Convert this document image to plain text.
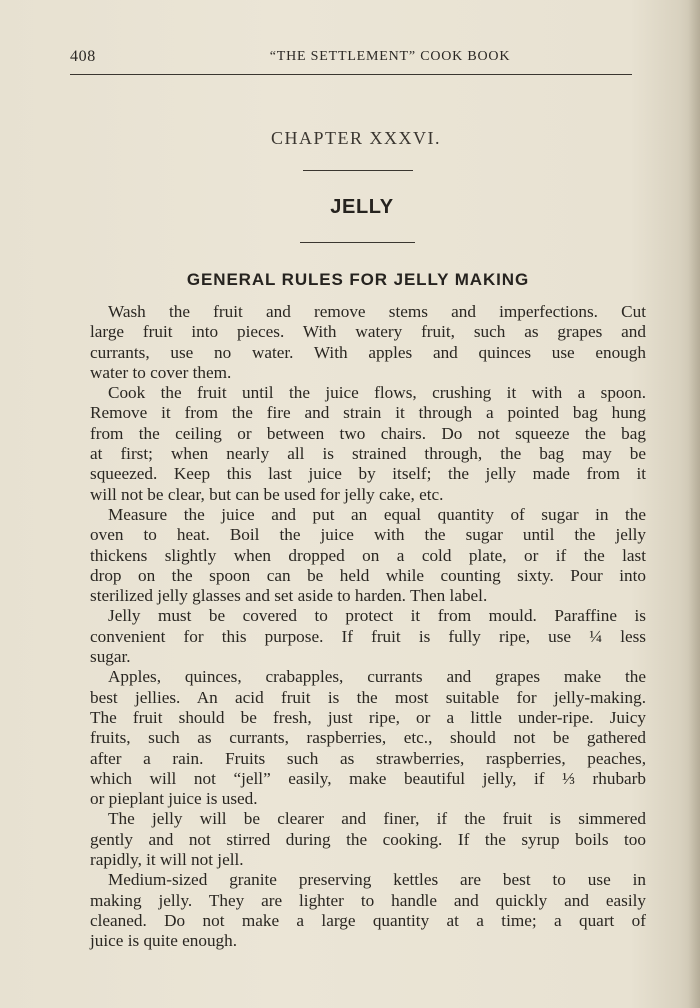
408	“THE SETTLEMENT” COOK BOOK
CHAPTER XXXVI.
JELLY
GENERAL RULES FOR JELLY MAKING
Wash the fruit and remove stems and imperfections. Cut
large fruit into pieces. With watery fruit, such as grapes and
currants, use no water. With apples and quinces use enough
water to cover them.
Cook the fruit until the juice flows, crushing it with a spoon.
Remove it from the fire and strain it through a pointed bag hung
from the ceiling or between two chairs. Do not squeeze the bag
at first; when nearly all is strained through, the bag may be
squeezed. Keep this last juice by itself; the jelly made from it
will not be clear, but can be used for jelly cake, etc.
Measure the juice and put an equal quantity of sugar in the
oven to heat. Boil the juice with the sugar until the jelly
thickens slightly when dropped on a cold plate, or if the last
drop on the spoon can be held while counting sixty. Pour into
sterilized jelly glasses and set aside to harden. Then label.
Jelly must be covered to protect it from mould. Paraffine is
convenient for this purpose. If fruit is fully ripe, use ¼ less
sugar.
Apples, quinces, crabapples, currants and grapes make the
best jellies. An acid fruit is the most suitable for jelly-making.
The fruit should be fresh, just ripe, or a little under-ripe. Juicy
fruits, such as currants, raspberries, etc., should not be gathered
after a rain. Fruits such as strawberries, raspberries, peaches,
which will not “jell” easily, make beautiful jelly, if ⅓ rhubarb
or pieplant juice is used.
The jelly will be clearer and finer, if the fruit is simmered
gently and not stirred during the cooking. If the syrup boils too
rapidly, it will not jell.
Medium-sized granite preserving kettles are best to use in
making jelly. They are lighter to handle and quickly and easily
cleaned. Do not make a large quantity at a time; a quart of
juice is quite enough.
